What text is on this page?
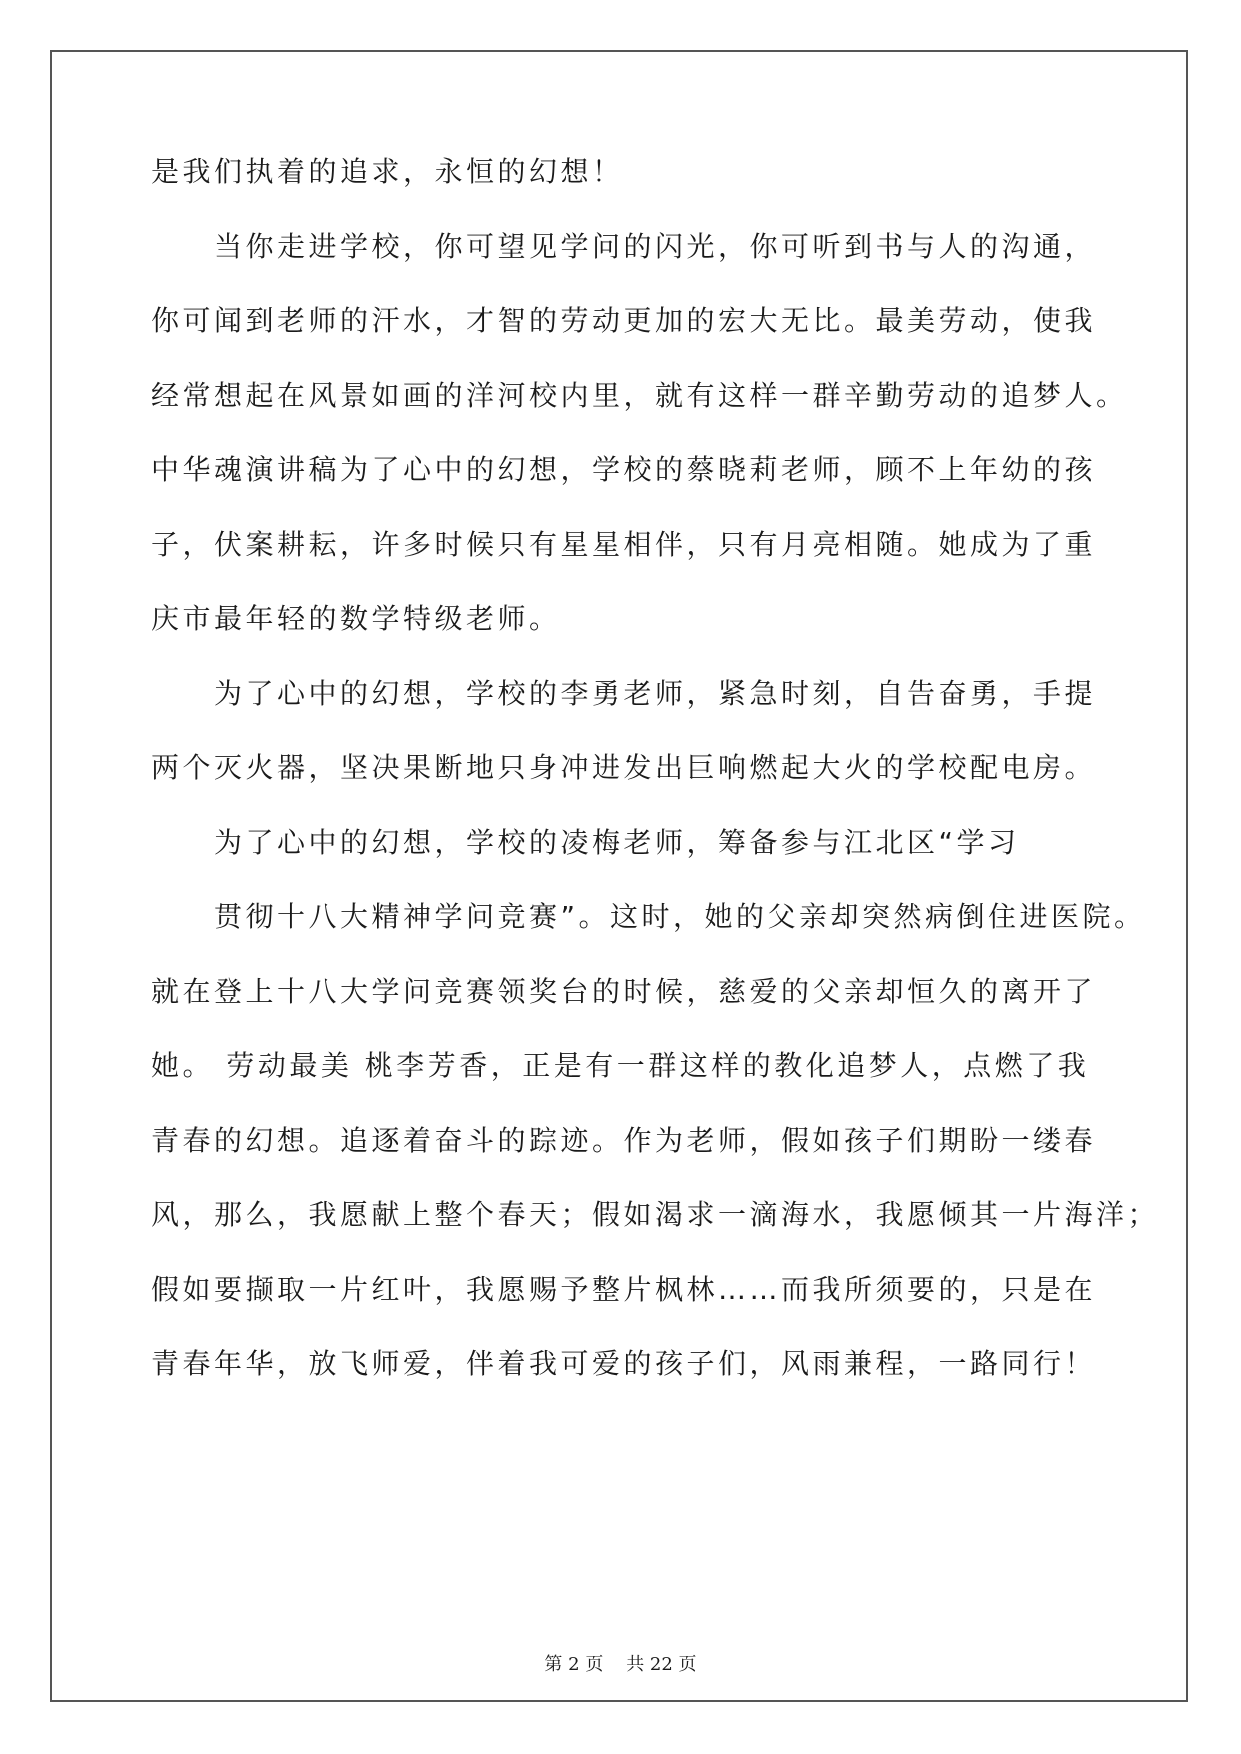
是我们执着的追求，永恒的幻想！
当你走进学校，你可望见学问的闪光，你可听到书与人的沟通，
你可闻到老师的汗水，才智的劳动更加的宏大无比。最美劳动，使我
经常想起在风景如画的洋河校内里，就有这样一群辛勤劳动的追梦人。
中华魂演讲稿为了心中的幻想，学校的蔡晓莉老师，顾不上年幼的孩
子，伏案耕耘，许多时候只有星星相伴，只有月亮相随。她成为了重
庆市最年轻的数学特级老师。
为了心中的幻想，学校的李勇老师，紧急时刻，自告奋勇，手提
两个灭火器，坚决果断地只身冲进发出巨响燃起大火的学校配电房。
为了心中的幻想，学校的凌梅老师，筹备参与江北区“学习
贯彻十八大精神学问竞赛”。这时，她的父亲却突然病倒住进医院。
就在登上十八大学问竞赛领奖台的时候，慈爱的父亲却恒久的离开了
她。 劳动最美 桃李芳香，正是有一群这样的教化追梦人，点燃了我
青春的幻想。追逐着奋斗的踪迹。作为老师，假如孩子们期盼一缕春
风，那么，我愿献上整个春天；假如渴求一滴海水，我愿倾其一片海洋；
假如要撷取一片红叶，我愿赐予整片枫林……而我所须要的，只是在
青春年华，放飞师爱，伴着我可爱的孩子们，风雨兼程，一路同行！
第 2 页    共 22 页
